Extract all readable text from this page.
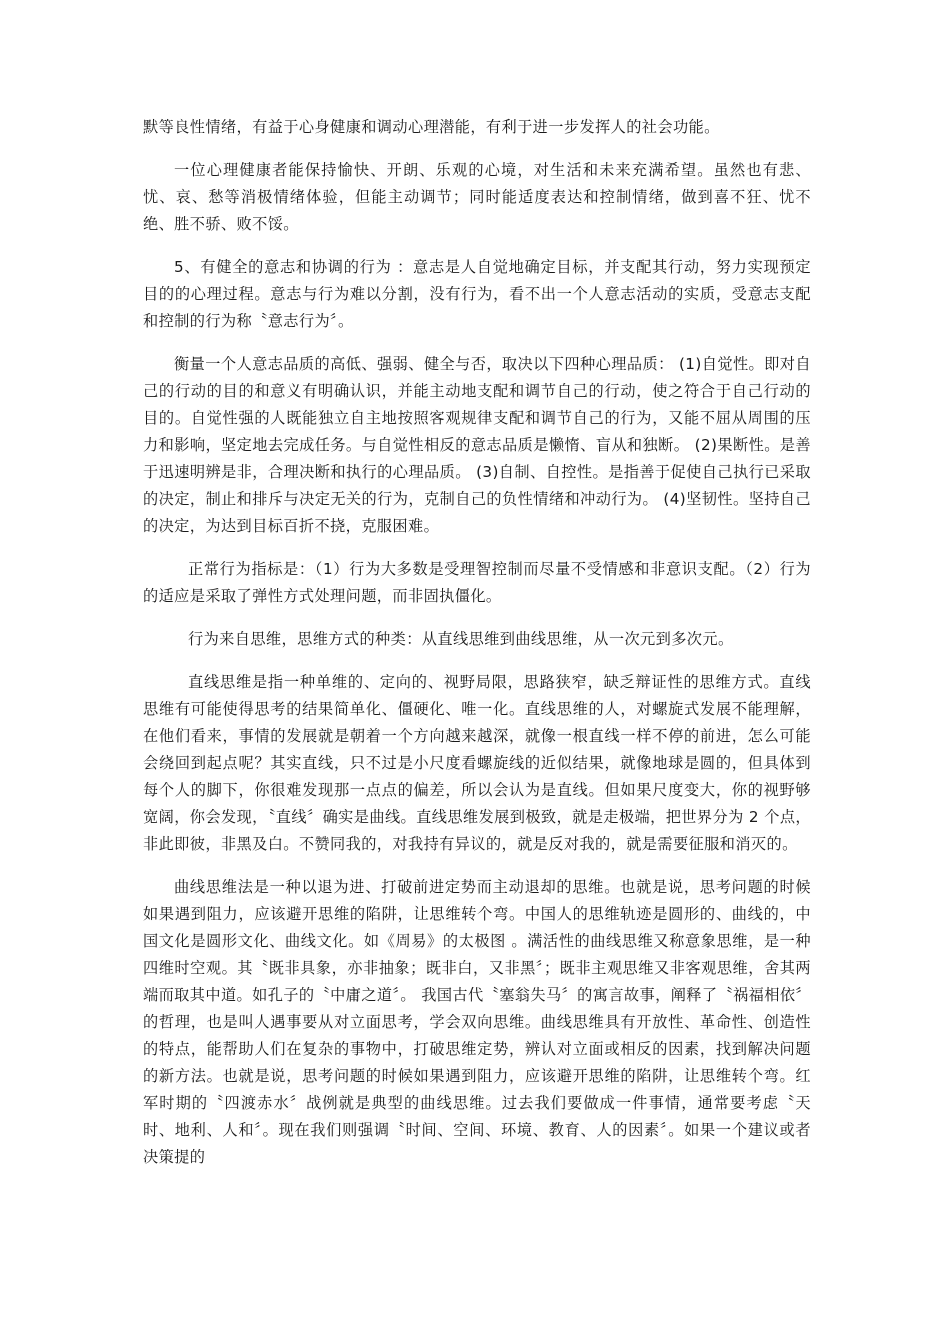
默等良性情绪，有益于心身健康和调动心理潜能，有利于进一步发挥人的社会功能。

一位心理健康者能保持愉快、开朗、乐观的心境，对生活和未来充满希望。虽然也有悲、忧、哀、愁等消极情绪体验，但能主动调节；同时能适度表达和控制情绪，做到喜不狂、忧不绝、胜不骄、败不馁。

5、有健全的意志和协调的行为 ：意志是人自觉地确定目标，并支配其行动，努力实现预定目的的心理过程。意志与行为难以分割，没有行为，看不出一个人意志活动的实质，受意志支配和控制的行为称〝意志行为〞。

衡量一个人意志品质的高低、强弱、健全与否，取决以下四种心理品质： (1)自觉性。即对自己的行动的目的和意义有明确认识，并能主动地支配和调节自己的行动，使之符合于自己行动的目的。自觉性强的人既能独立自主地按照客观规律支配和调节自己的行为，又能不屈从周围的压力和影响，坚定地去完成任务。与自觉性相反的意志品质是懒惰、盲从和独断。 (2)果断性。是善于迅速明辨是非，合理决断和执行的心理品质。 (3)自制、自控性。是指善于促使自己执行已采取的决定，制止和排斥与决定无关的行为，克制自己的负性情绪和冲动行为。 (4)坚韧性。坚持自己的决定，为达到目标百折不挠，克服困难。

正常行为指标是：（1）行为大多数是受理智控制而尽量不受情感和非意识支配。（2）行为的适应是采取了弹性方式处理问题，而非固执僵化。

行为来自思维，思维方式的种类：从直线思维到曲线思维，从一次元到多次元。

直线思维是指一种单维的、定向的、视野局限，思路狭窄，缺乏辩证性的思维方式。直线思维有可能使得思考的结果简单化、僵硬化、唯一化。直线思维的人，对螺旋式发展不能理解，在他们看来，事情的发展就是朝着一个方向越来越深，就像一根直线一样不停的前进，怎么可能会绕回到起点呢？其实直线，只不过是小尺度看螺旋线的近似结果，就像地球是圆的，但具体到每个人的脚下，你很难发现那一点点的偏差，所以会认为是直线。但如果尺度变大，你的视野够宽阔，你会发现，〝直线〞确实是曲线。直线思维发展到极致，就是走极端，把世界分为 2 个点，非此即彼，非黑及白。不赞同我的，对我持有异议的，就是反对我的，就是需要征服和消灭的。

曲线思维法是一种以退为进、打破前进定势而主动退却的思维。也就是说，思考问题的时候如果遇到阻力，应该避开思维的陷阱，让思维转个弯。中国人的思维轨迹是圆形的、曲线的，中国文化是圆形文化、曲线文化。如《周易》的太极图 。满活性的曲线思维又称意象思维，是一种四维时空观。其〝既非具象，亦非抽象；既非白，又非黑〞；既非主观思维又非客观思维，舍其两端而取其中道。如孔子的〝中庸之道〞。 我国古代〝塞翁失马〞的寓言故事，阐释了〝祸福相依〞的哲理，也是叫人遇事要从对立面思考，学会双向思维。曲线思维具有开放性、革命性、创造性的特点，能帮助人们在复杂的事物中，打破思维定势，辨认对立面或相反的因素，找到解决问题的新方法。也就是说，思考问题的时候如果遇到阻力，应该避开思维的陷阱，让思维转个弯。红军时期的〝四渡赤水〞战例就是典型的曲线思维。过去我们要做成一件事情，通常要考虑〝天时、地利、人和〞。现在我们则强调〝时间、空间、环境、教育、人的因素〞。如果一个建议或者决策提的
